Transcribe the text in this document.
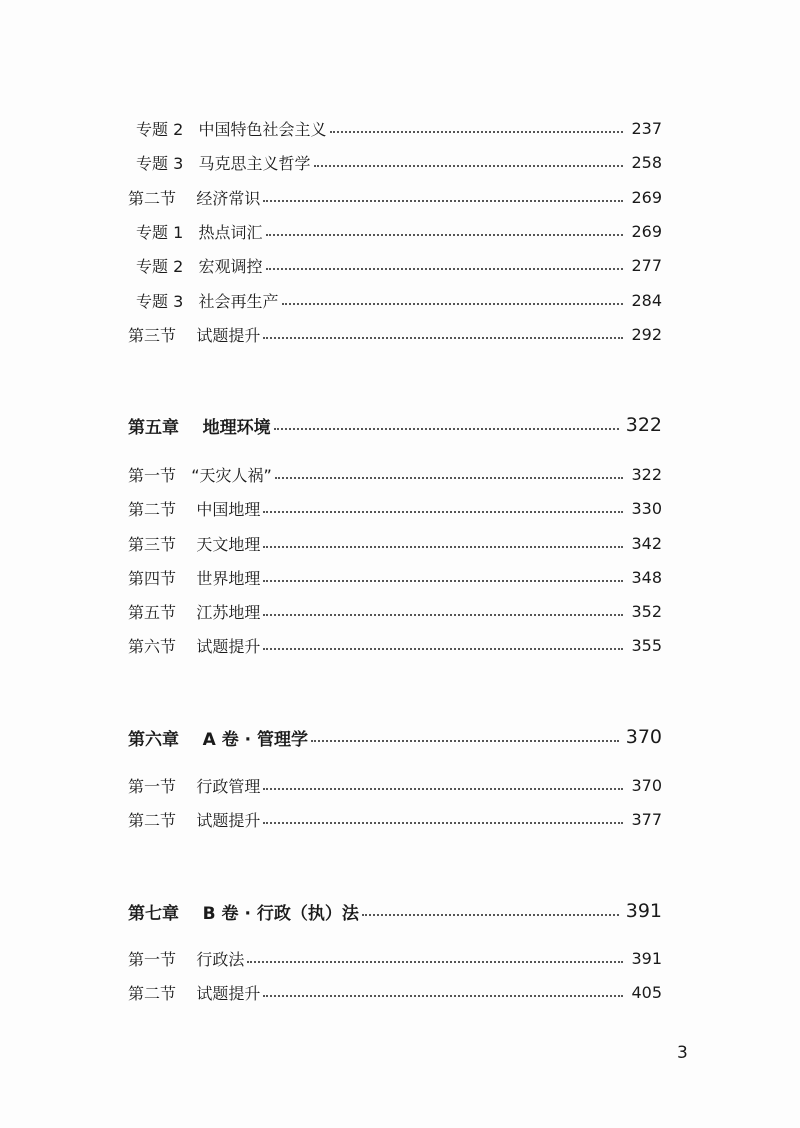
专题 2   中国特色社会主义	237
专题 3   马克思主义哲学	258
第二节    经济常识	269
专题 1   热点词汇	269
专题 2   宏观调控	277
专题 3   社会再生产	284
第三节    试题提升	292
第五章    地理环境	322
第一节   “天灾人祸”	322
第二节    中国地理	330
第三节    天文地理	342
第四节    世界地理	348
第五节    江苏地理	352
第六节    试题提升	355
第六章    A 卷 · 管理学	370
第一节    行政管理	370
第二节    试题提升	377
第七章    B 卷 · 行政（执）法	391
第一节    行政法	391
第二节    试题提升	405
3
